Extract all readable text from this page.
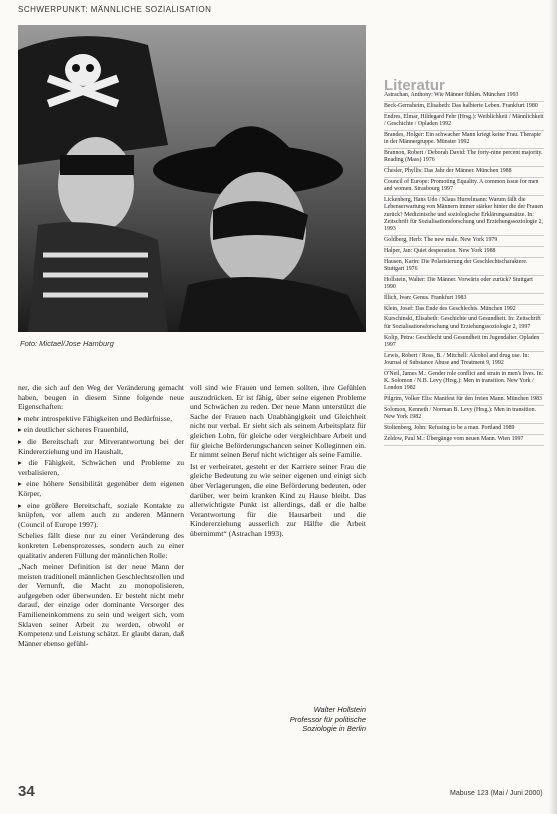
SCHWERPUNKT: MÄNNLICHE SOZIALISATION
Foto: Mictael/Jose Hamburg

ner, die sich auf den Weg der Veränderung gemacht haben, beugen in diesem Sinne folgende neue Eigenschaften:

▸ mehr introspektive Fähigkeiten und Bedürfnisse,

▸ ein deutlicher sicheres Frauenbild,

▸ die Bereitschaft zur Mitverantwortung bei der Kindererziehung und im Haushalt,

▸ die Fähigkeit, Schwächen und Probleme zu verbalisieren,

▸ eine höhere Sensibilität gegenüber dem eigenen Körper,

▸ eine größere Bereitschaft, soziale Kontakte zu knüpfen, vor allem auch zu anderen Männern (Council of Europe 1997).

Schelies fällt diese nur zu einer Veränderung des konkreten Lebensprozesses, sondern auch zu einer qualitativ anderen Füllung der männlichen Rolle:

„Nach meiner Definition ist der neue Mann der meisten traditionell männlichen Geschlechtsrollen und der Vernunft, die Macht zu monopolisieren, aufgegeben oder überwunden. Er besteht nicht mehr darauf, der einzige oder dominante Versorger des Familieneinkommens zu sein und weigert sich, vom Sklaven seiner Arbeit zu werden, obwohl er Kompetenz und Leistung schätzt. Er glaubt daran, daß Männer ebenso gefühl-

voll sind wie Frauen und lernen sollten, ihre Gefühlen auszudrücken. Er ist fähig, über seine eigenen Probleme und Schwächen zu reden. Der neue Mann unterstützt die Sache der Frauen nach Unabhängigkeit und Gleichheit nicht nur verbal. Er sieht sich als seinem Arbeitsplatz für gleichen Lohn, für gleiche oder vergleichbare Arbeit und für gleiche Beförderungschancen seiner Kolleginnen ein. Er nimmt seinen Beruf nicht wichtiger als seine Familie.

Ist er verheiratet, gesteht er der Karriere seiner Frau die gleiche Bedeutung zu wie seiner eigenen und einigt sich über Verlagerungen, die eine Beförderung bedeuten, oder darüber, wer beim kranken Kind zu Hause bleibt. Das allerwichtigste Punkt ist allerdings, daß er die halbe Verantwortung für die Hausarbeit und die Kindererziehung ausserlich zur Hälfte die Arbeit übernimmt“ (Astrachan 1993).

Walter Hollstein
Professor für politische
Soziologie in Berlin
Literatur
Astrachan, Anthony: Wie Männer fühlen. München 1993
Beck-Gernsheim, Elisabeth: Das halbierte Leben. Frankfurt 1980
Endres, Elmar, Hildegard Fehr (Hrsg.): Weiblichkeit / Männlichkeit / Geschichte / Opladen 1992
Brandes, Holger: Ein schwacher Mann kriegt keine Frau. Therapie in der Männergruppe. Münster 1992
Brannon, Robert / Deborah David: The forty-nine percent majority. Reading (Mass) 1976
Chesler, Phyllis: Das Jahr der Männer. München 1988
Council of Europe: Promoting Equality. A common issue for men and women. Strasbourg 1997
Lickenberg, Hans Udo / Klaus Hurrelmann: Warum fällt die Lebenserwartung von Männern immer stärker hinter die der Frauen zurück? Medizinische und soziologische Erklärungsansätze. In: Zeitschrift für Sozialisationsforschung und Erziehungssoziologie 2, 1993
Goldberg, Herb: The new male. New York 1979
Halper, Jan: Quiet desperation. New York 1988
Hausen, Karin: Die Polarisierung der Geschlechtscharaktere. Stuttgart 1976
Hollstein, Walter: Die Männer. Vorwärts oder zurück? Stuttgart 1990
Illich, Ivan: Genus. Frankfurt 1983
Klein, Josef: Das Ende des Geschlechts. München 1992
Kurschinski, Elisabeth: Geschichte und Gesundheit. In: Zeitschrift für Sozialisationsforschung und Erziehungssoziologie 2, 1997
Kolip, Petra: Geschlecht und Gesundheit im Jugendalter. Opladen 1997
Lewis, Robert / Ross, B. / Mitchell: Alcohol and drug use. In: Journal of Substance Abuse and Treatment 9, 1992
O'Neil, James M.: Gender role conflict and strain in men's lives. In: K. Solomon / N.B. Levy (Hrsg.): Men in transition. New York / London 1982
Pilgrim, Volker Elis: Manifest für den freien Mann. München 1983
Solomon, Kenneth / Norman B. Levy (Hrsg.): Men in transition. New York 1982
Stoltenberg, John: Refusing to be a man. Portland 1989
Zeldow, Paul M.: Übergänge vom neuen Mann. Wien 1997
34	Mabuse 123 (Mai / Juni 2000)
